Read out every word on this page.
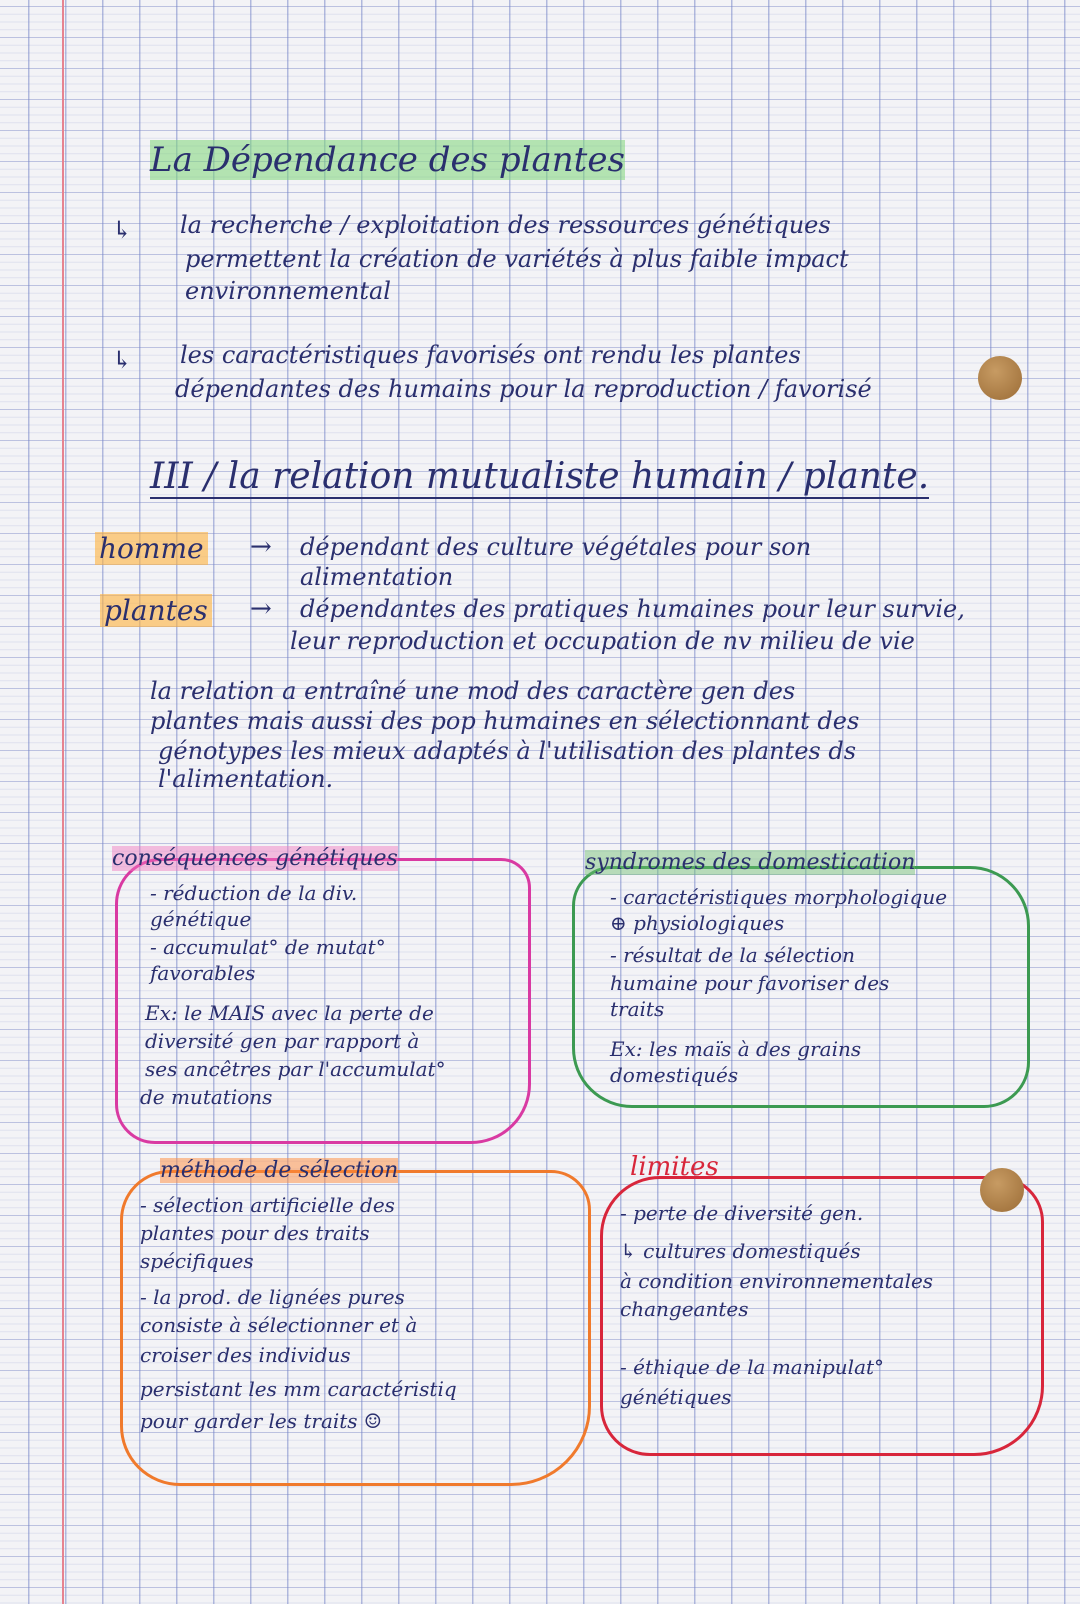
La Dépendance des plantes
↳ la recherche / exploitation des ressources génétiques
permettent la création de variétés à plus faible impact
environnemental
↳ les caractéristiques favorisés ont rendu les plantes
dépendantes des humains pour la reproduction / favorisé
III / la relation mutualiste humain / plante.
homme → dépendant des culture végétales pour son
alimentation
plantes → dépendantes des pratiques humaines pour leur survie,
leur reproduction et occupation de nv milieu de vie
la relation a entraîné une mod des caractère gen des
plantes mais aussi des pop humaines en sélectionnant des
génotypes les mieux adaptés à l'utilisation des plantes ds
l'alimentation.
conséquences génétiques
- réduction de la div.
génétique
- accumulat° de mutat°
favorables
Ex: le MAIS avec la perte de
diversité gen par rapport à
ses ancêtres par l'accumulat°
de mutations
syndromes des domestication
- caractéristiques morphologique
⊕ physiologiques
- résultat de la sélection
humaine pour favoriser des
traits
Ex: les maïs à des grains
domestiqués
méthode de sélection
- sélection artificielle des
plantes pour des traits
spécifiques
- la prod. de lignées pures
consiste à sélectionner et à
croiser des individus
persistant les mm caractéristiq
pour garder les traits ☺
limites
- perte de diversité gen.
↳ cultures domestiqués
à condition environnementales
changeantes
- éthique de la manipulat°
génétiques
